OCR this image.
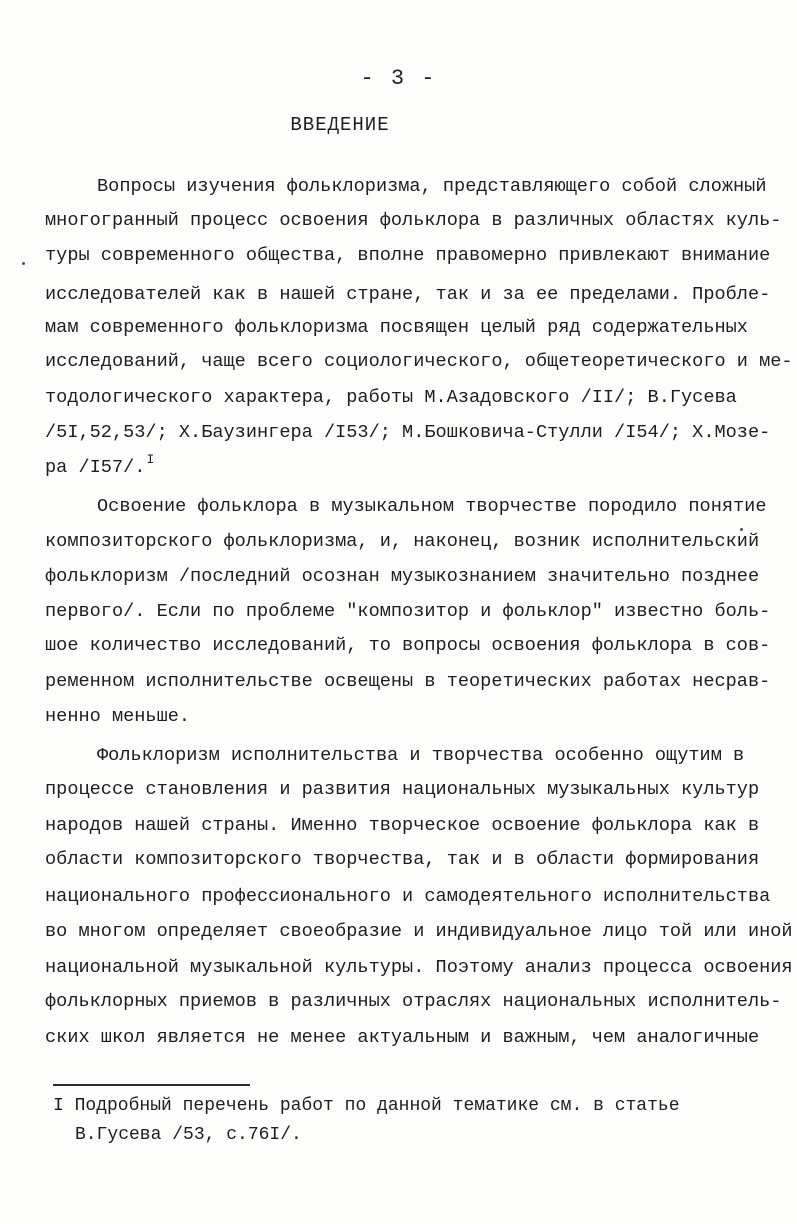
- 3 -
ВВЕДЕНИЕ
Вопросы изучения фольклоризма, представляющего собой сложный
многогранный процесс освоения фольклора в различных областях куль-
туры современного общества, вполне правомерно привлекают внимание
исследователей как в нашей стране, так и за ее пределами. Пробле-
мам современного фольклоризма посвящен целый ряд содержательных
исследований, чаще всего социологического, общетеоретического и ме-
тодологического характера, работы М.Азадовского /II/; В.Гусева
/5I,52,53/; Х.Баузингера /I53/; М.Бошковича-Стулли /I54/; Х.Мозе-
ра /I57/.$^I$
Освоение фольклора в музыкальном творчестве породило понятие
композиторского фольклоризма, и, наконец, возник исполнительский
фольклоризм /последний осознан музыкознанием значительно позднее
первого/. Если по проблеме "композитор и фольклор" известно боль-
шое количество исследований, то вопросы освоения фольклора в сов-
ременном исполнительстве освещены в теоретических работах несрав-
ненно меньше.
Фольклоризм исполнительства и творчества особенно ощутим в
процессе становления и развития национальных музыкальных культур
народов нашей страны. Именно творческое освоение фольклора как в
области композиторского творчества, так и в области формирования
национального профессионального и самодеятельного исполнительства
во многом определяет своеобразие и индивидуальное лицо той или иной
национальной музыкальной культуры. Поэтому анализ процесса освоения
фольклорных приемов в различных отраслях национальных исполнитель-
ских школ является не менее актуальным и важным, чем аналогичные
I Подробный перечень работ по данной тематике см. в статье
В.Гусева /53, с.76I/.
